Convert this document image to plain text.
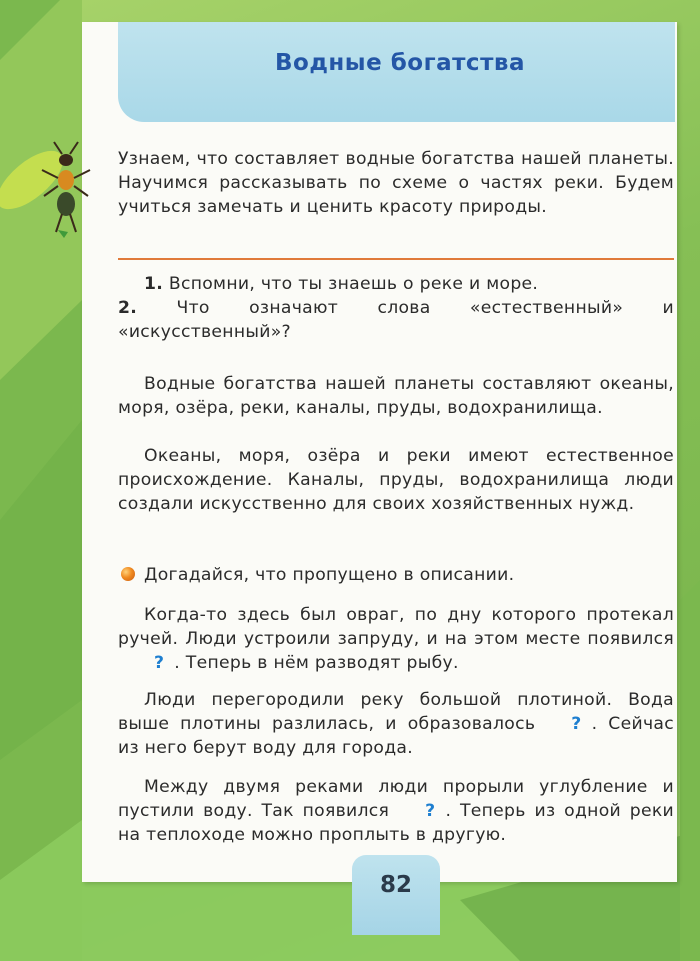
Водные богатства
Узнаем, что составляет водные богатства нашей планеты. Научимся рассказывать по схеме о частях реки. Будем учиться замечать и ценить красоту природы.
1. Вспомни, что ты знаешь о реке и море.
2. Что означают слова «естественный» и «искусственный»?
Водные богатства нашей планеты составляют океаны, моря, озёра, реки, каналы, пруды, водохранилища.
Океаны, моря, озёра и реки имеют естественное происхождение. Каналы, пруды, водохранилища люди создали искусственно для своих хозяйственных нужд.
Догадайся, что пропущено в описании.
Когда-то здесь был овраг, по дну которого протекал ручей. Люди устроили запруду, и на этом месте появился? . Теперь в нём разводят рыбу.
Люди перегородили реку большой плотиной. Вода выше плотины разлилась, и образовалось ? . Сейчас из него берут воду для города.
Между двумя реками люди прорыли углубление и пустили воду. Так появился ? . Теперь из одной реки на теплоходе можно проплыть в другую.
82
